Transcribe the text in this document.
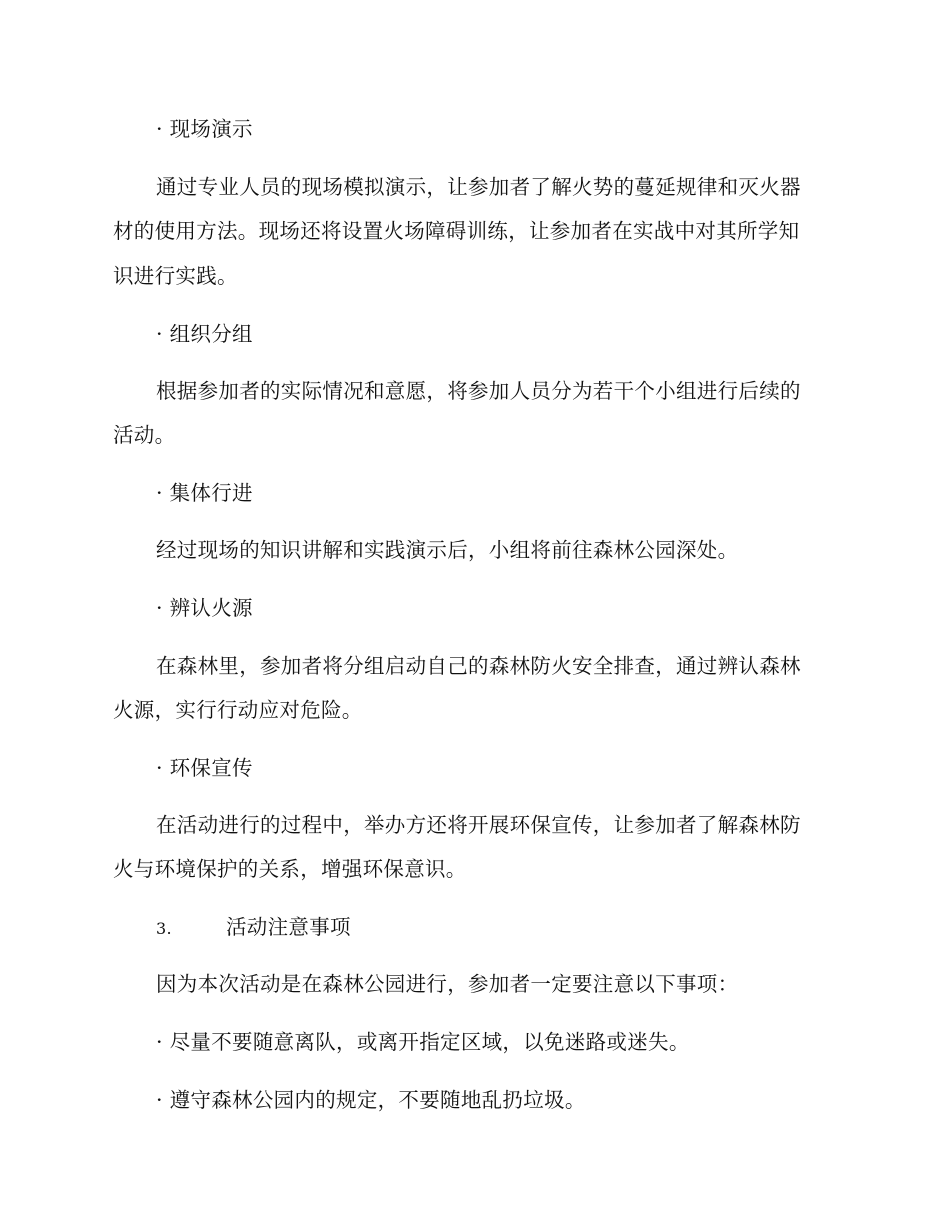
· 现场演示
通过专业人员的现场模拟演示，让参加者了解火势的蔓延规律和灭火器
材的使用方法。现场还将设置火场障碍训练，让参加者在实战中对其所学知
识进行实践。
· 组织分组
根据参加者的实际情况和意愿，将参加人员分为若干个小组进行后续的
活动。
· 集体行进
经过现场的知识讲解和实践演示后，小组将前往森林公园深处。
· 辨认火源
在森林里，参加者将分组启动自己的森林防火安全排查，通过辨认森林
火源，实行行动应对危险。
· 环保宣传
在活动进行的过程中，举办方还将开展环保宣传，让参加者了解森林防
火与环境保护的关系，增强环保意识。
3.	活动注意事项
因为本次活动是在森林公园进行，参加者一定要注意以下事项：
· 尽量不要随意离队，或离开指定区域，以免迷路或迷失。
· 遵守森林公园内的规定，不要随地乱扔垃圾。
